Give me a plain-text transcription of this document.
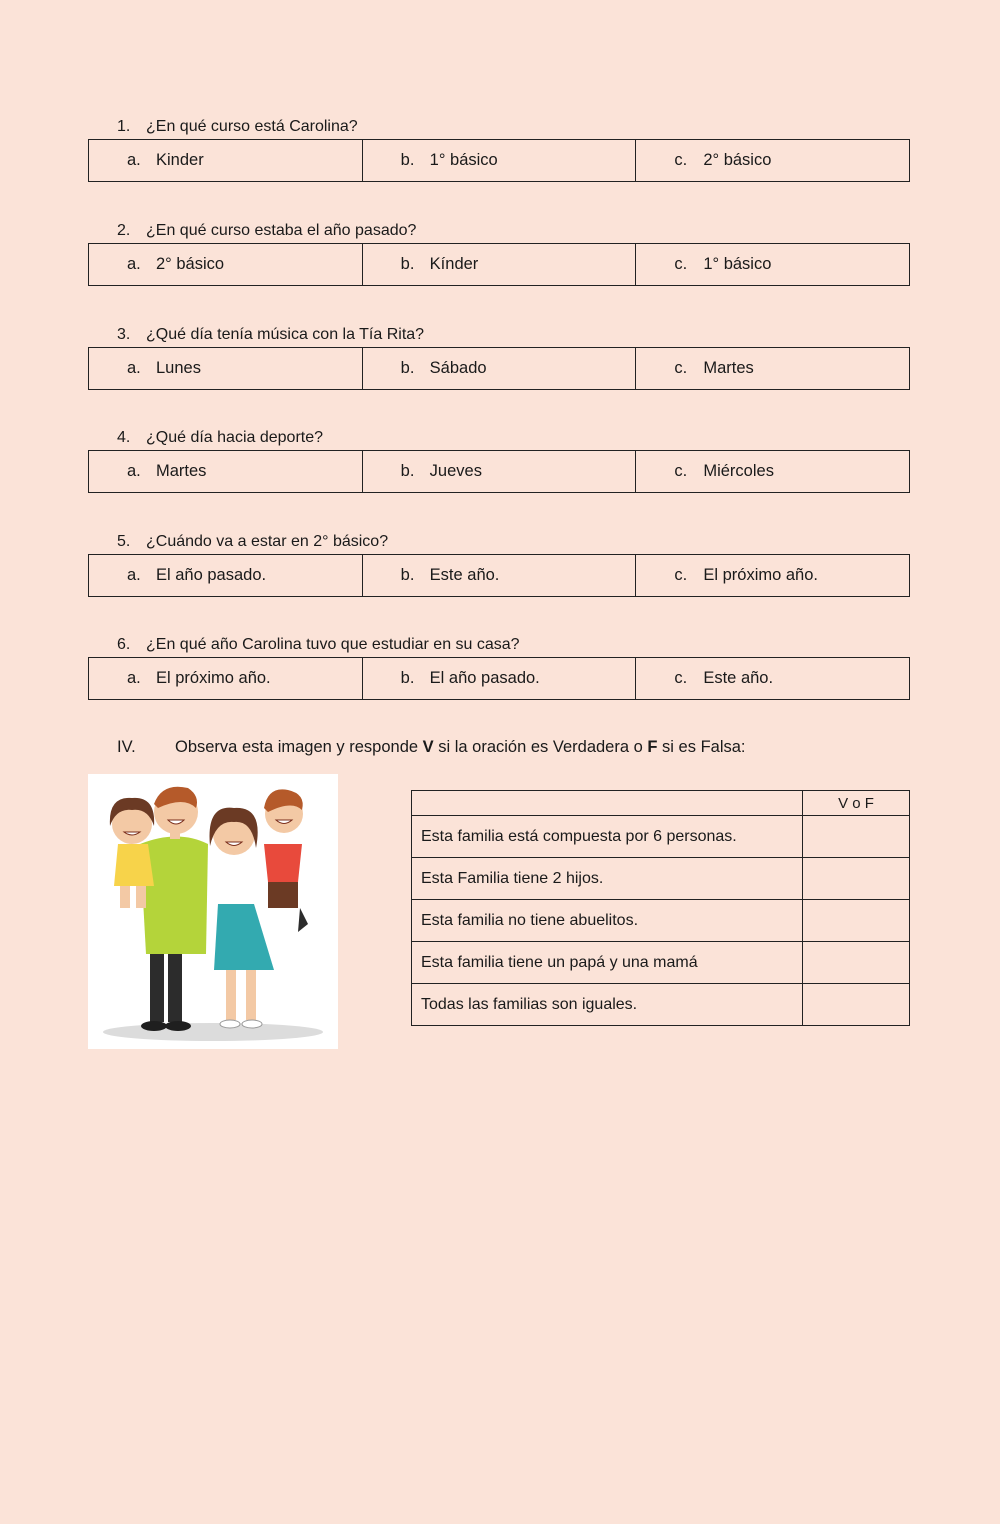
1. ¿En qué curso está Carolina?
a. Kinder	b. 1° básico	c. 2° básico
2. ¿En qué curso estaba el año pasado?
a. 2° básico	b. Kínder	c. 1° básico
3. ¿Qué día tenía música con la Tía Rita?
a. Lunes	b. Sábado	c. Martes
4. ¿Qué día hacia deporte?
a. Martes	b. Jueves	c. Miércoles
5. ¿Cuándo va a estar en 2° básico?
a. El año pasado.	b. Este año.	c. El próximo año.
6. ¿En qué año Carolina tuvo que estudiar en su casa?
a. El próximo año.	b. El año pasado.	c. Este año.
IV. Observa esta imagen y responde V si la oración es Verdadera o F si es Falsa:
	V o F
Esta familia está compuesta por 6 personas.	
Esta Familia tiene 2 hijos.	
Esta familia no tiene abuelitos.	
Esta familia tiene un papá y una mamá	
Todas las familias son iguales.	
